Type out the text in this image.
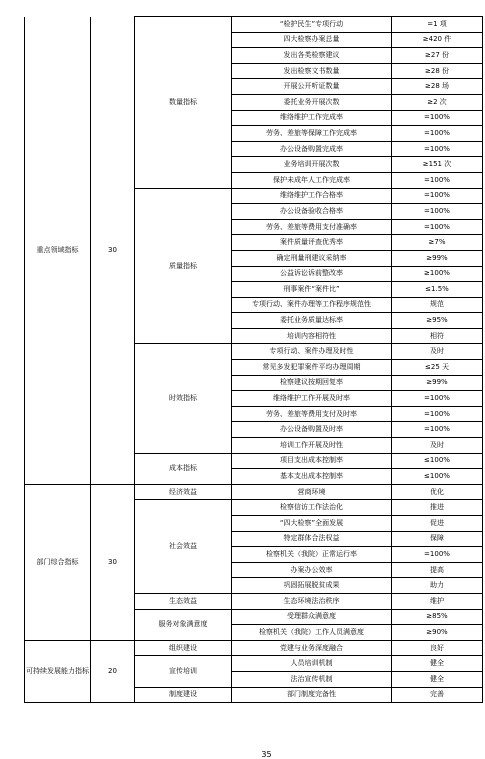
重点领域指标	30	数量指标	“检护民生”专项行动	=1 项
			四大检察办案总量	≥420 件
			发出各类检察建议	≥27 份
			发出检察文书数量	≥28 份
			开展公开听证数量	≥28 场
			委托业务开展次数	≥2 次
			维络维护工作完成率	=100%
			劳务、差旅等保障工作完成率	=100%
			办公设备购置完成率	=100%
			业务培训开展次数	≥151 次
			保护未成年人工作完成率	=100%
		质量指标	维络维护工作合格率	=100%
			办公设备验收合格率	=100%
			劳务、差旅等费用支付准确率	=100%
			案件质量评查优秀率	≥7%
			确定刑量刑建议采纳率	≥99%
			公益诉讼诉前整改率	≥100%
			刑事案件“案件比”	≤1.5%
			专项行动、案件办理等工作程序规范性	规范
			委托业务质量达标率	≥95%
			培训内容相符性	相符
		时效指标	专项行动、案件办理及时性	及时
			常见多发犯罪案件平均办理周期	≤25 天
			检察建议按期回复率	≥99%
			维络维护工作开展及时率	=100%
			劳务、差旅等费用支付及时率	=100%
			办公设备购置及时率	=100%
			培训工作开展及时性	及时
		成本指标	项目支出成本控制率	≤100%
			基本支出成本控制率	≤100%

部门综合指标	30	经济效益	营商环境	优化
		社会效益	检察信访工作法治化	推进
			“四大检察”全面发展	促进
			特定群体合法权益	保障
			检察机关（我院）正常运行率	=100%
			办案办公效率	提高
			巩固拓展脱贫成果	助力
		生态效益	生态环境法治秩序	维护
		服务对象满意度	受理群众满意度	≥85%
			检察机关（我院）工作人员满意度	≥90%

可持续发展能力指标	20	组织建设	党建与业务深度融合	良好
		宣传培训	人员培训机制	健全
			法治宣传机制	健全
		制度建设	部门制度完备性	完善
35
